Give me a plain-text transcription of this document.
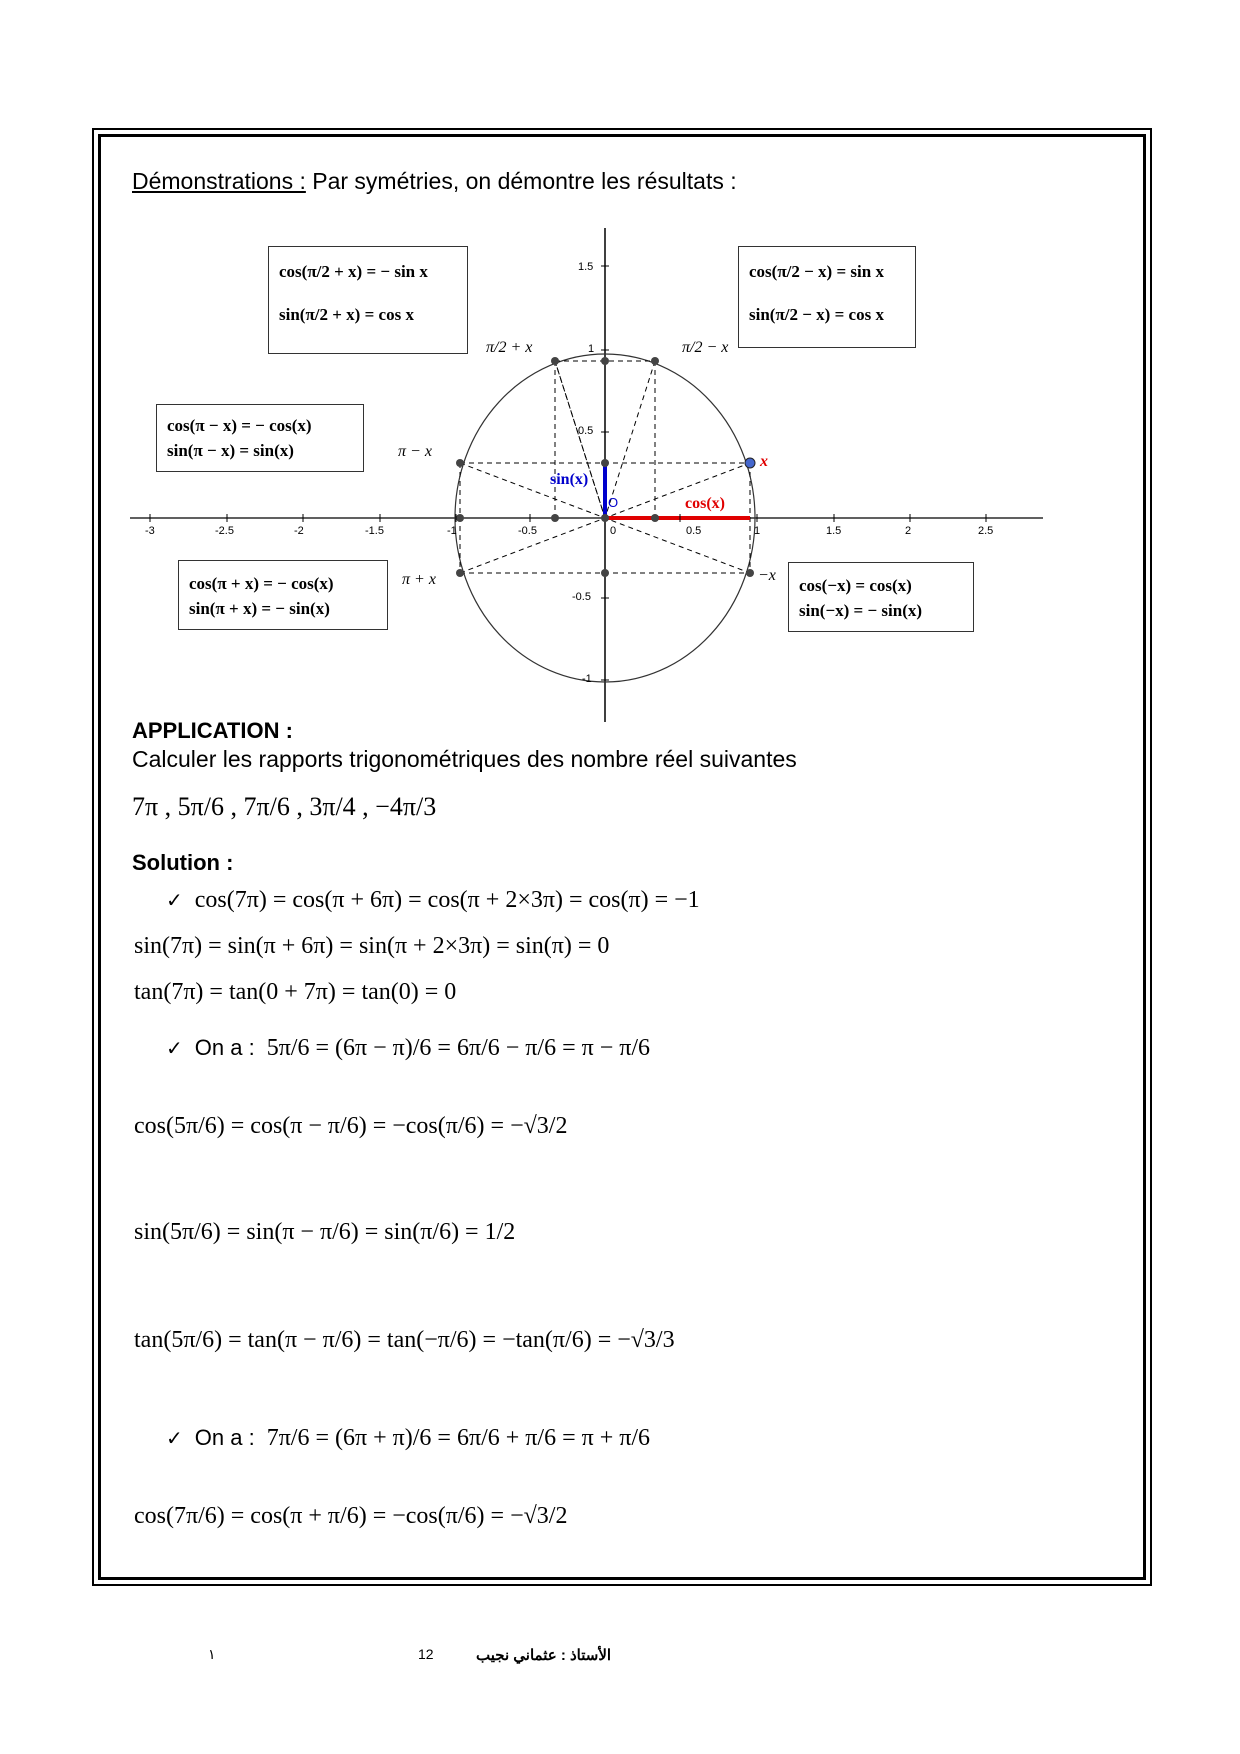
Démonstrations : Par symétries, on démontre les résultats :
-3	-2.5	-2	-1.5	-1	-0.5	0	0.5	1	1.5	2	2.5
1.5
1
0.5
-0.5
-1
O
sin(x)
cos(x)
x
π − x
π + x	−x
π/2 + x	π/2 − x
cos(π/2 + x) = − sin x
sin(π/2 + x) = cos x
cos(π/2 − x) = sin x
sin(π/2 − x) = cos x
cos(π − x) = − cos(x)
sin(π − x) = sin(x)
cos(π + x) = − cos(x)
sin(π + x) = − sin(x)
cos(−x) = cos(x)
sin(−x) = − sin(x)
APPLICATION :
Calculer les rapports trigonométriques des nombre réel suivantes
7π , 5π/6 , 7π/6 , 3π/4 , −4π/3
Solution :
✓ cos(7π) = cos(π + 6π) = cos(π + 2×3π) = cos(π) = −1
sin(7π) = sin(π + 6π) = sin(π + 2×3π) = sin(π) = 0
tan(7π) = tan(0 + 7π) = tan(0) = 0
✓ On a : 5π/6 = (6π − π)/6 = 6π/6 − π/6 = π − π/6
cos(5π/6) = cos(π − π/6) = −cos(π/6) = −√3/2
sin(5π/6) = sin(π − π/6) = sin(π/6) = 1/2
tan(5π/6) = tan(π − π/6) = tan(−π/6) = −tan(π/6) = −√3/3
✓ On a : 7π/6 = (6π + π)/6 = 6π/6 + π/6 = π + π/6
cos(7π/6) = cos(π + π/6) = −cos(π/6) = −√3/2
١	12	الأستاذ : عثماني نجيب
